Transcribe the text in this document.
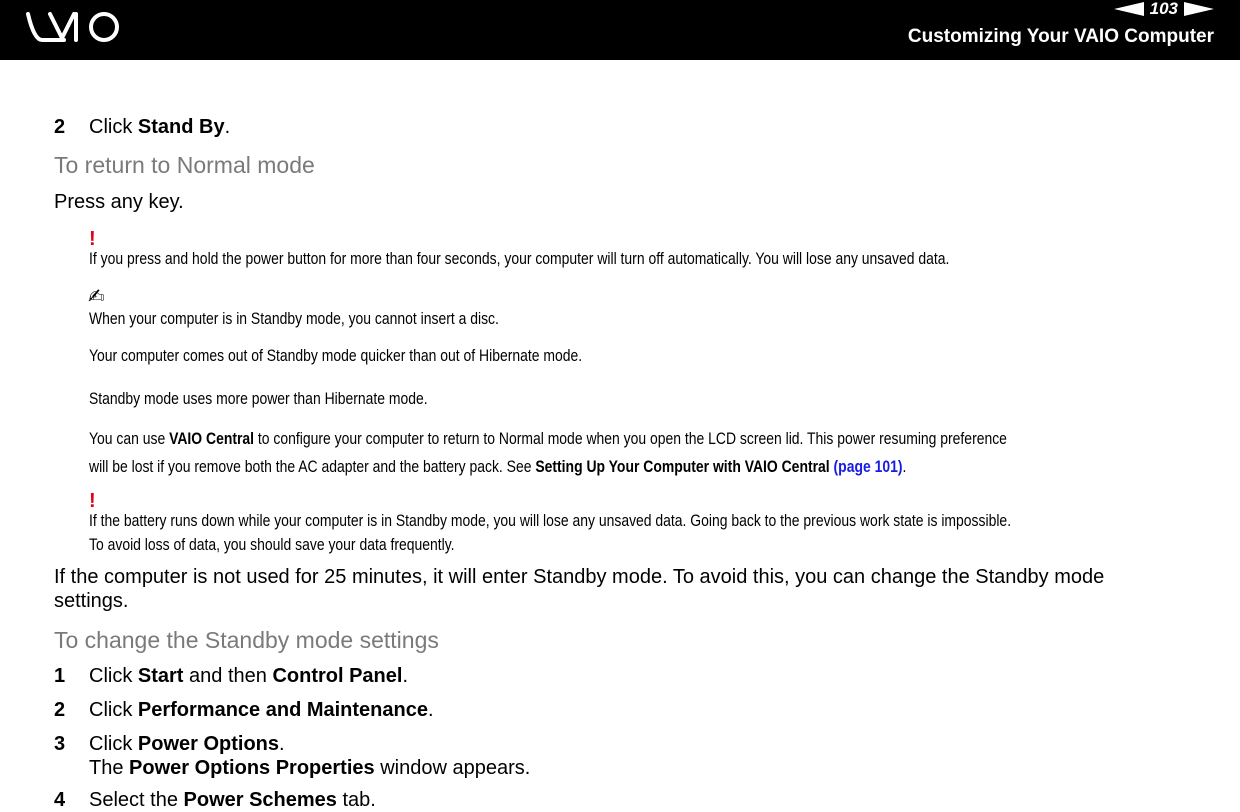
103
Customizing Your VAIO Computer
2 Click Stand By.
To return to Normal mode
Press any key.
!
If you press and hold the power button for more than four seconds, your computer will turn off automatically. You will lose any unsaved data.
✍
When your computer is in Standby mode, you cannot insert a disc.
Your computer comes out of Standby mode quicker than out of Hibernate mode.
Standby mode uses more power than Hibernate mode.
You can use VAIO Central to configure your computer to return to Normal mode when you open the LCD screen lid. This power resuming preference
will be lost if you remove both the AC adapter and the battery pack. See Setting Up Your Computer with VAIO Central (page 101).
!
If the battery runs down while your computer is in Standby mode, you will lose any unsaved data. Going back to the previous work state is impossible.
To avoid loss of data, you should save your data frequently.
If the computer is not used for 25 minutes, it will enter Standby mode. To avoid this, you can change the Standby mode
settings.
To change the Standby mode settings
1 Click Start and then Control Panel.
2 Click Performance and Maintenance.
3 Click Power Options.
The Power Options Properties window appears.
4 Select the Power Schemes tab.
